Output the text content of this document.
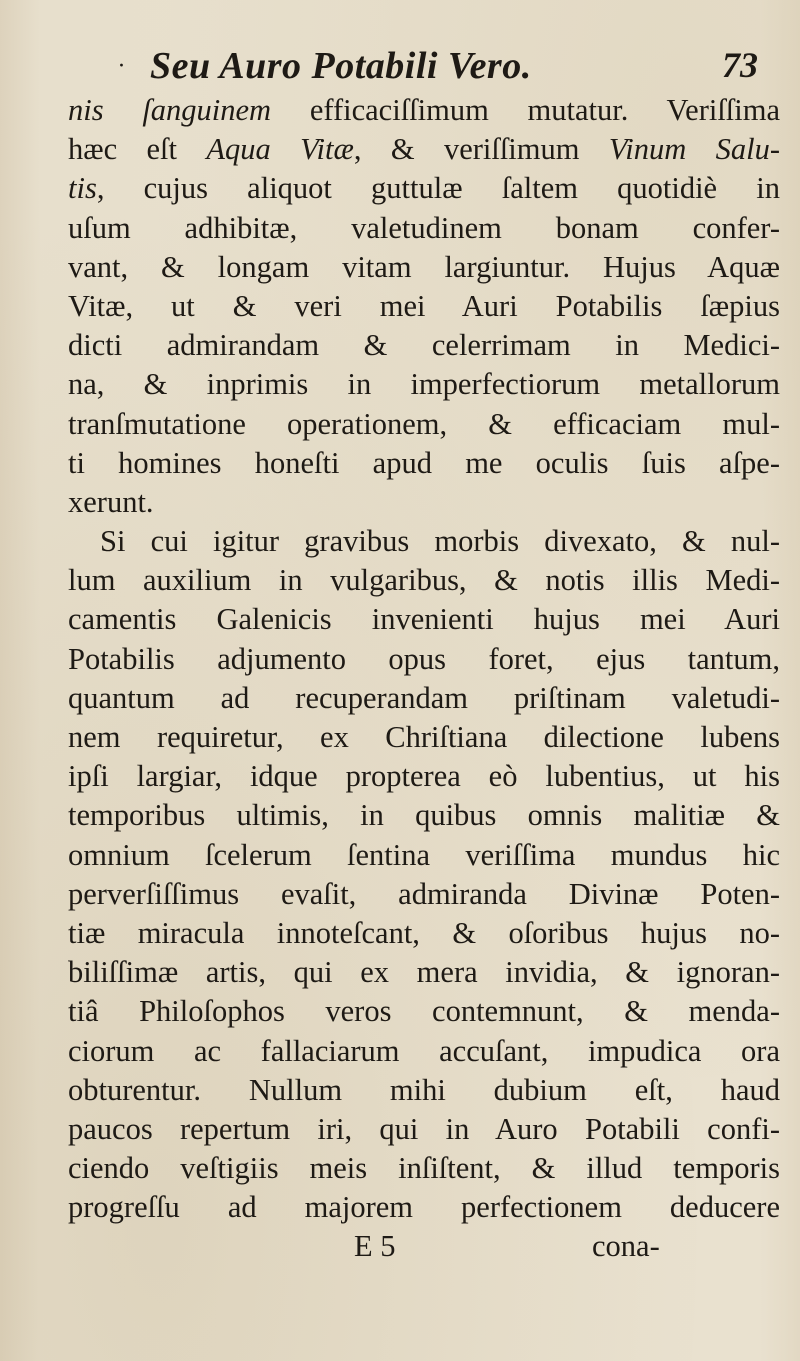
· Seu Auro Potabili Vero.	73
nis ſanguinem efficaciſſimum mutatur. Veriſſima
hæc eſt Aqua Vitæ, & veriſſimum Vinum Salu-
tis, cujus aliquot guttulæ ſaltem quotidiè in
uſum adhibitæ, valetudinem bonam confer-
vant, & longam vitam largiuntur. Hujus Aquæ
Vitæ, ut & veri mei Auri Potabilis ſæpius
dicti admirandam & celerrimam in Medici-
na, & inprimis in imperfectiorum metallorum
tranſmutatione operationem, & efficaciam mul-
ti homines honeſti apud me oculis ſuis aſpe-
xerunt.
Si cui igitur gravibus morbis divexato, & nul-
lum auxilium in vulgaribus, & notis illis Medi-
camentis Galenicis invenienti hujus mei Auri
Potabilis adjumento opus foret, ejus tantum,
quantum ad recuperandam priſtinam valetudi-
nem requiretur, ex Chriſtiana dilectione lubens
ipſi largiar, idque propterea eò lubentius, ut his
temporibus ultimis, in quibus omnis malitiæ &
omnium ſcelerum ſentina veriſſima mundus hic
perverſiſſimus evaſit, admiranda Divinæ Poten-
tiæ miracula innoteſcant, & oſoribus hujus no-
biliſſimæ artis, qui ex mera invidia, & ignoran-
tiâ Philoſophos veros contemnunt, & menda-
ciorum ac fallaciarum accuſant, impudica ora
obturentur. Nullum mihi dubium eſt, haud
paucos repertum iri, qui in Auro Potabili confi-
ciendo veſtigiis meis inſiſtent, & illud temporis
progreſſu ad majorem perfectionem deducere
E 5	cona-
